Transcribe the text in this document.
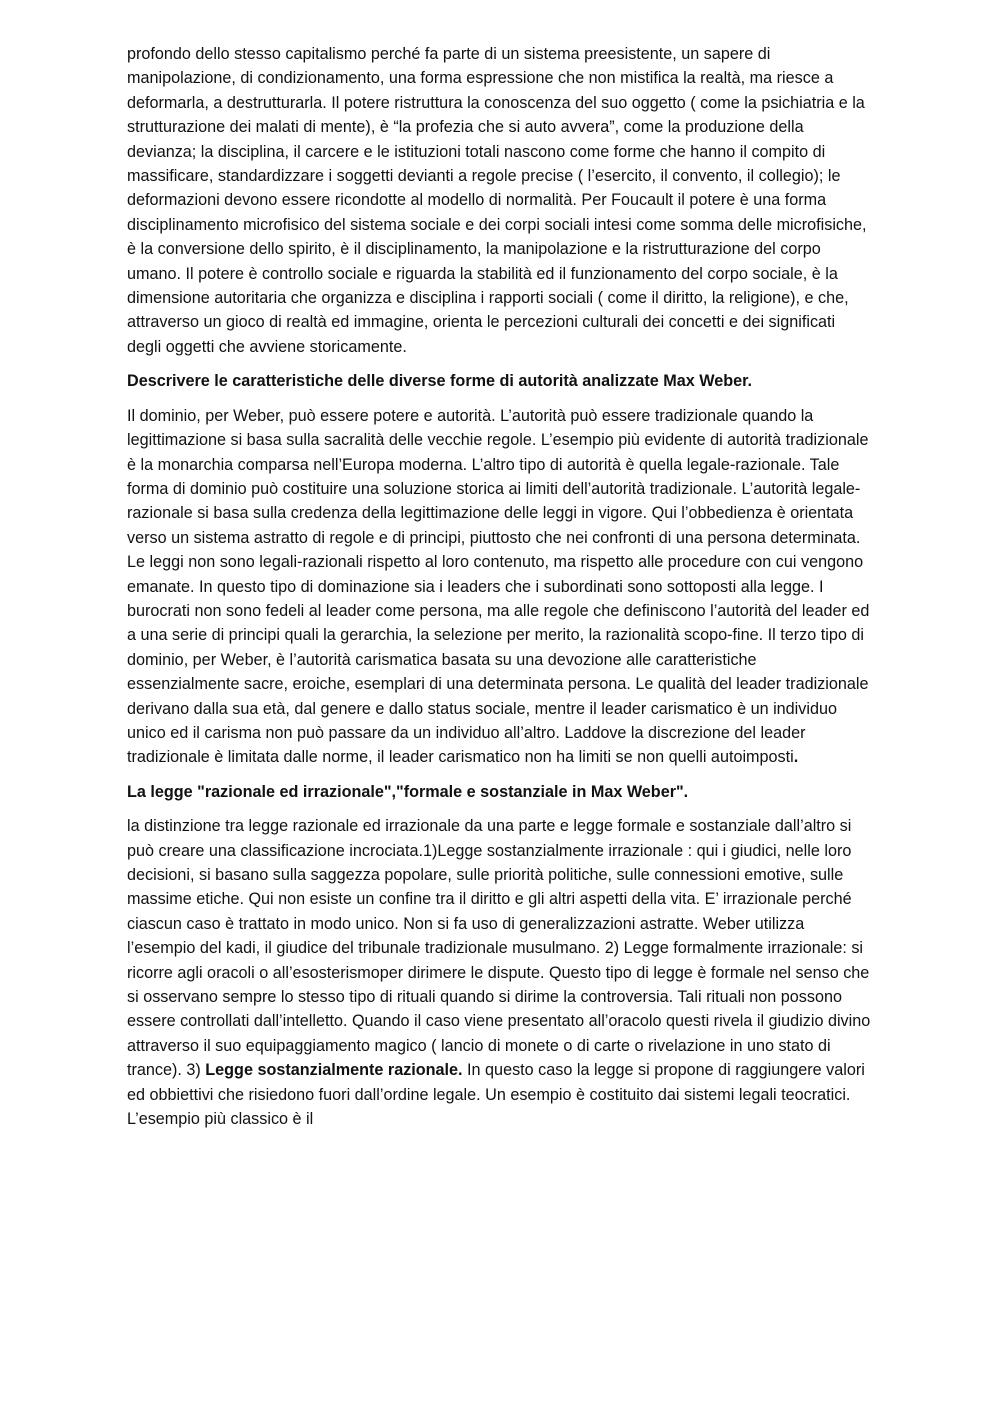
profondo dello stesso capitalismo perché fa parte di un sistema preesistente, un sapere di manipolazione, di condizionamento, una forma espressione che non mistifica la realtà, ma riesce a deformarla, a destrutturarla. Il potere ristruttura la conoscenza del suo oggetto ( come la psichiatria e la strutturazione dei malati di mente), è “la profezia che si auto avvera”, come la produzione della devianza; la disciplina, il carcere e le istituzioni totali nascono come forme che hanno il compito di massificare, standardizzare i soggetti devianti a regole precise ( l’esercito, il convento, il collegio); le deformazioni devono essere ricondotte al modello di normalità. Per Foucault il potere è una forma disciplinamento microfisico del sistema sociale e dei corpi sociali intesi come somma delle microfisiche, è la conversione dello spirito, è il disciplinamento, la manipolazione e la ristrutturazione del corpo umano. Il potere è controllo sociale e riguarda la stabilità ed il funzionamento del corpo sociale, è la dimensione autoritaria che organizza e disciplina i rapporti sociali ( come il diritto, la religione), e che, attraverso un gioco di realtà ed immagine, orienta le percezioni culturali dei concetti e dei significati degli oggetti che avviene storicamente.

Descrivere le caratteristiche delle diverse forme di autorità analizzate Max Weber.

Il dominio, per Weber, può essere potere e autorità. L’autorità può essere tradizionale quando la legittimazione si basa sulla sacralità delle vecchie regole. L’esempio più evidente di autorità tradizionale è la monarchia comparsa nell’Europa moderna. L’altro tipo di autorità è quella legale-razionale. Tale forma di dominio può costituire una soluzione storica ai limiti dell’autorità tradizionale. L’autorità legale-razionale si basa sulla credenza della legittimazione delle leggi in vigore. Qui l’obbedienza è orientata verso un sistema astratto di regole e di principi, piuttosto che nei confronti di una persona determinata. Le leggi non sono legali-razionali rispetto al loro contenuto, ma rispetto alle procedure con cui vengono emanate. In questo tipo di dominazione sia i leaders che i subordinati sono sottoposti alla legge. I burocrati non sono fedeli al leader come persona, ma alle regole che definiscono l’autorità del leader ed a una serie di principi quali la gerarchia, la selezione per merito, la razionalità scopo-fine. Il terzo tipo di dominio, per Weber, è l’autorità carismatica basata su una devozione alle caratteristiche essenzialmente sacre, eroiche, esemplari di una determinata persona. Le qualità del leader tradizionale derivano dalla sua età, dal genere e dallo status sociale, mentre il leader carismatico è un individuo unico ed il carisma non può passare da un individuo all’altro. Laddove la discrezione del leader tradizionale è limitata dalle norme, il leader carismatico non ha limiti se non quelli autoimposti.

La legge "razionale ed irrazionale","formale e sostanziale in Max Weber".

la distinzione tra legge razionale ed irrazionale da una parte e legge formale e sostanziale dall’altro si può creare una classificazione incrociata.1)Legge sostanzialmente irrazionale : qui i giudici, nelle loro decisioni, si basano sulla saggezza popolare, sulle priorità politiche, sulle connessioni emotive, sulle massime etiche. Qui non esiste un confine tra il diritto e gli altri aspetti della vita. E’ irrazionale perché ciascun caso è trattato in modo unico. Non si fa uso di generalizzazioni astratte. Weber utilizza l’esempio del kadi, il giudice del tribunale tradizionale musulmano. 2) Legge formalmente irrazionale: si ricorre agli oracoli o all’esosterismoper dirimere le dispute. Questo tipo di legge è formale nel senso che si osservano sempre lo stesso tipo di rituali quando si dirime la controversia. Tali rituali non possono essere controllati dall’intelletto. Quando il caso viene presentato all’oracolo questi rivela il giudizio divino attraverso il suo equipaggiamento magico ( lancio di monete o di carte o rivelazione in uno stato di trance). 3) Legge sostanzialmente razionale. In questo caso la legge si propone di raggiungere valori ed obbiettivi che risiedono fuori dall’ordine legale. Un esempio è costituito dai sistemi legali teocratici. L’esempio più classico è il
